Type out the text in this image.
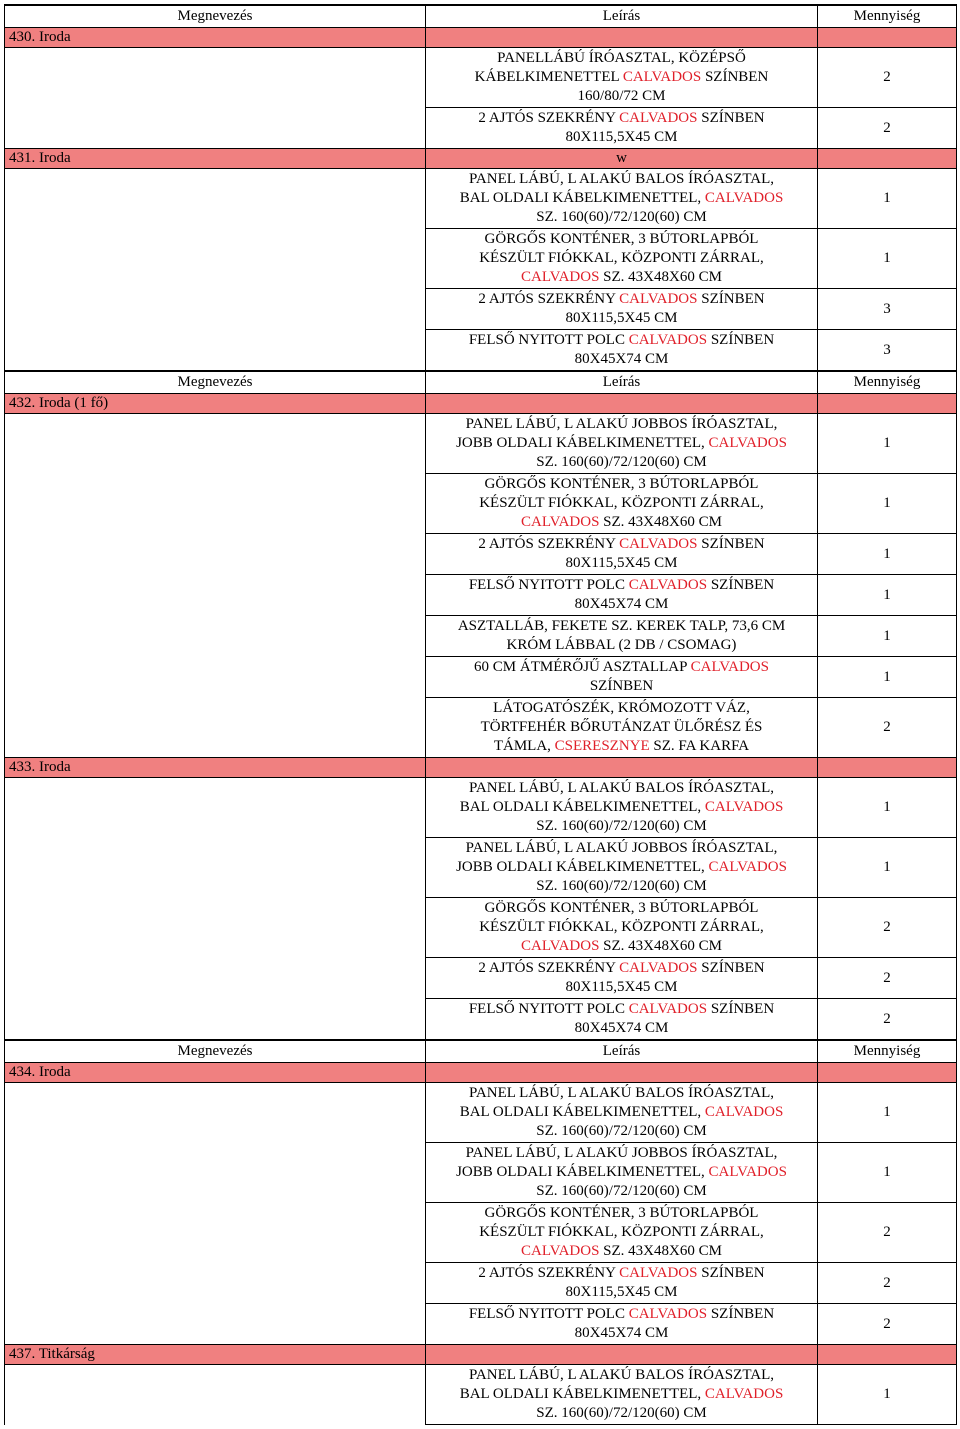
Megnevezés	Leírás	Mennyiség
430. Iroda		

	PANELLÁBÚ ÍRÓASZTAL, KÖZÉPSŐ
KÁBELKIMENETTEL CALVADOS SZÍNBEN
160/80/72 CM	2

	2 AJTÓS SZEKRÉNY CALVADOS SZÍNBEN
80X115,5X45 CM	2
431. Iroda	w	

	PANEL LÁBÚ, L ALAKÚ BALOS ÍRÓASZTAL,
BAL OLDALI KÁBELKIMENETTEL, CALVADOS
SZ. 160(60)/72/120(60) CM	1

	GÖRGŐS KONTÉNER, 3 BÚTORLAPBÓL
KÉSZÜLT FIÓKKAL, KÖZPONTI ZÁRRAL,
CALVADOS SZ. 43X48X60 CM	1

	2 AJTÓS SZEKRÉNY CALVADOS SZÍNBEN
80X115,5X45 CM	3

	FELSŐ NYITOTT POLC CALVADOS SZÍNBEN
80X45X74 CM	3
Megnevezés	Leírás	Mennyiség
432. Iroda (1 fő)		

	PANEL LÁBÚ, L ALAKÚ JOBBOS ÍRÓASZTAL,
JOBB OLDALI KÁBELKIMENETTEL, CALVADOS
SZ. 160(60)/72/120(60) CM	1

	GÖRGŐS KONTÉNER, 3 BÚTORLAPBÓL
KÉSZÜLT FIÓKKAL, KÖZPONTI ZÁRRAL,
CALVADOS SZ. 43X48X60 CM	1

	2 AJTÓS SZEKRÉNY CALVADOS SZÍNBEN
80X115,5X45 CM	1

	FELSŐ NYITOTT POLC CALVADOS SZÍNBEN
80X45X74 CM	1

	ASZTALLÁB, FEKETE SZ. KEREK TALP, 73,6 CM
KRÓM LÁBBAL (2 DB / CSOMAG)	1

	60 CM ÁTMÉRŐJŰ ASZTALLAP CALVADOS
SZÍNBEN	1

	LÁTOGATÓSZÉK, KRÓMOZOTT VÁZ,
TÖRTFEHÉR BŐRUTÁNZAT ÜLŐRÉSZ ÉS
TÁMLA, CSERESZNYE SZ. FA KARFA	2
433. Iroda		

	PANEL LÁBÚ, L ALAKÚ BALOS ÍRÓASZTAL,
BAL OLDALI KÁBELKIMENETTEL, CALVADOS
SZ. 160(60)/72/120(60) CM	1

	PANEL LÁBÚ, L ALAKÚ JOBBOS ÍRÓASZTAL,
JOBB OLDALI KÁBELKIMENETTEL, CALVADOS
SZ. 160(60)/72/120(60) CM	1

	GÖRGŐS KONTÉNER, 3 BÚTORLAPBÓL
KÉSZÜLT FIÓKKAL, KÖZPONTI ZÁRRAL,
CALVADOS SZ. 43X48X60 CM	2

	2 AJTÓS SZEKRÉNY CALVADOS SZÍNBEN
80X115,5X45 CM	2

	FELSŐ NYITOTT POLC CALVADOS SZÍNBEN
80X45X74 CM	2
Megnevezés	Leírás	Mennyiség
434. Iroda		

	PANEL LÁBÚ, L ALAKÚ BALOS ÍRÓASZTAL,
BAL OLDALI KÁBELKIMENETTEL, CALVADOS
SZ. 160(60)/72/120(60) CM	1

	PANEL LÁBÚ, L ALAKÚ JOBBOS ÍRÓASZTAL,
JOBB OLDALI KÁBELKIMENETTEL, CALVADOS
SZ. 160(60)/72/120(60) CM	1

	GÖRGŐS KONTÉNER, 3 BÚTORLAPBÓL
KÉSZÜLT FIÓKKAL, KÖZPONTI ZÁRRAL,
CALVADOS SZ. 43X48X60 CM	2

	2 AJTÓS SZEKRÉNY CALVADOS SZÍNBEN
80X115,5X45 CM	2

	FELSŐ NYITOTT POLC CALVADOS SZÍNBEN
80X45X74 CM	2
437. Titkárság		

	PANEL LÁBÚ, L ALAKÚ BALOS ÍRÓASZTAL,
BAL OLDALI KÁBELKIMENETTEL, CALVADOS
SZ. 160(60)/72/120(60) CM	1
